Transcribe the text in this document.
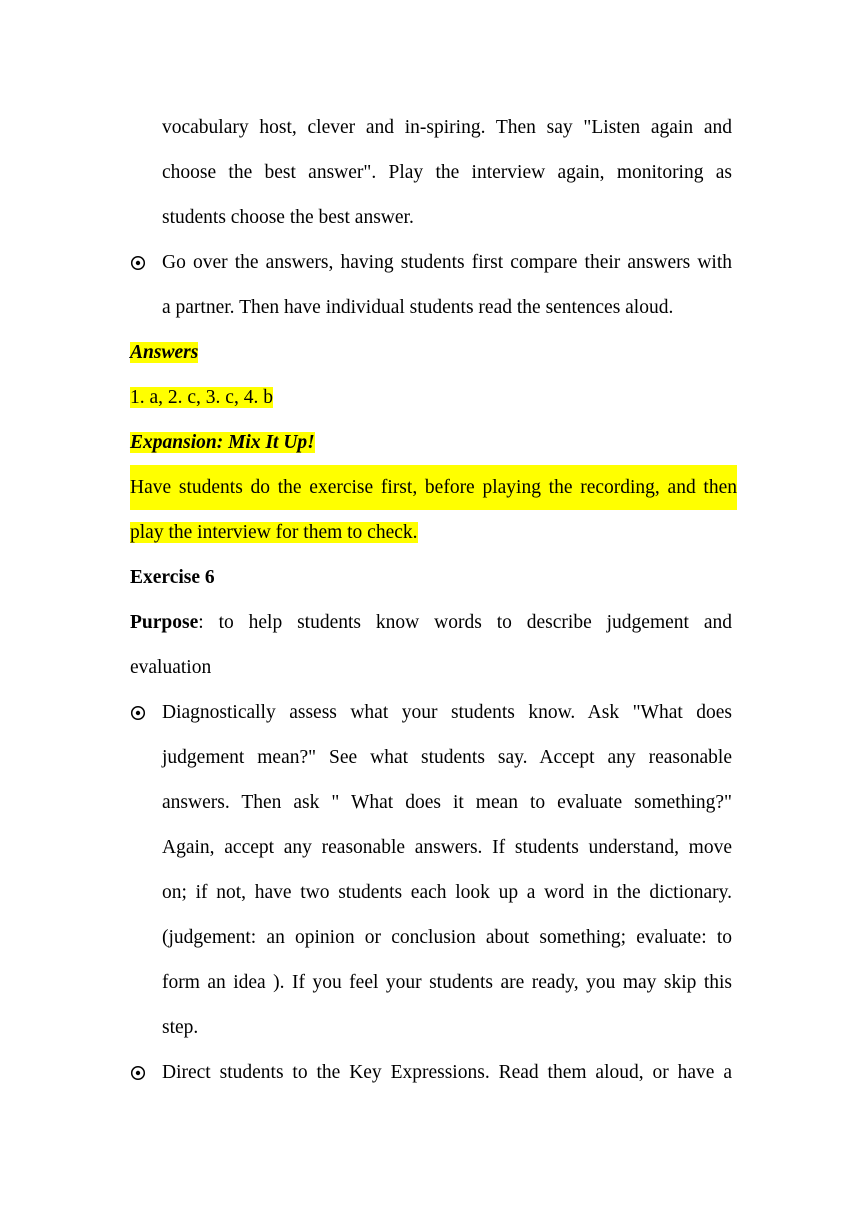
vocabulary host, clever and in-spiring. Then say "Listen again and
choose the best answer". Play the interview again, monitoring as
students choose the best answer.
Go over the answers, having students first compare their answers with
a partner. Then have individual students read the sentences aloud.
Answers
1. a, 2. c, 3. c, 4. b
Expansion: Mix It Up!
Have students do the exercise first, before playing the recording, and then
play the interview for them to check.
Exercise 6
Purpose: to help students know words to describe judgement and
evaluation
Diagnostically assess what your students know. Ask "What does
judgement mean?" See what students say. Accept any reasonable
answers. Then ask " What does it mean to evaluate something?"
Again, accept any reasonable answers. If students understand, move
on; if not, have two students each look up a word in the dictionary.
(judgement: an opinion or conclusion about something; evaluate: to
form an idea ). If you feel your students are ready, you may skip this
step.
Direct students to the Key Expressions. Read them aloud, or have a
